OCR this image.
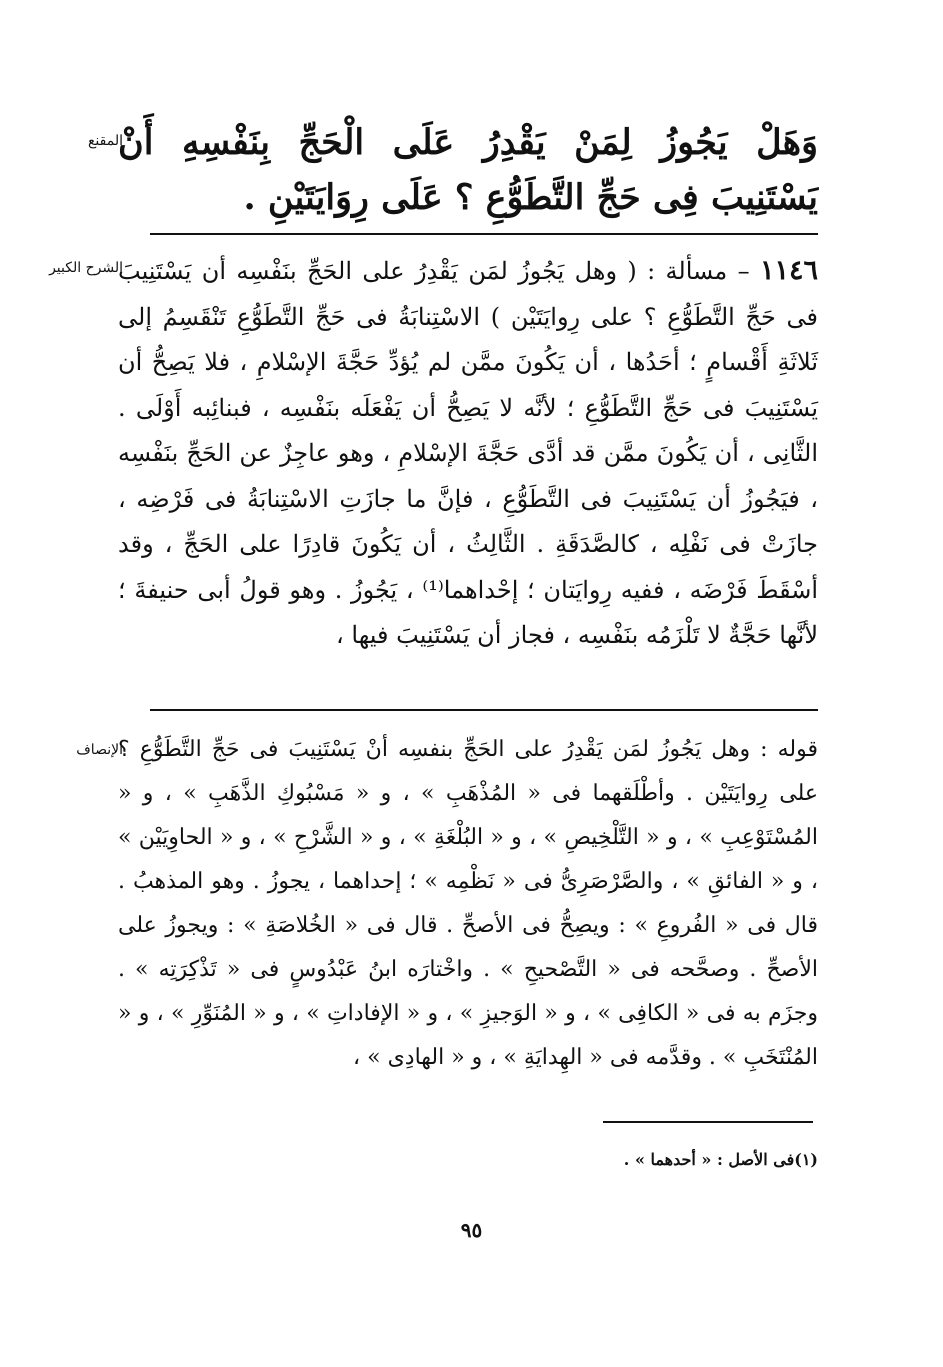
المقنع
وَهَلْ يَجُوزُ لِمَنْ يَقْدِرُ عَلَى الْحَجِّ بِنَفْسِهِ أَنْ يَسْتَنِيبَ فِى حَجِّ التَّطَوُّعِ ؟ عَلَى رِوَايَتَيْنِ .
الشرح الكبير	١١٤٦ – مسألة : ( وهل يَجُوزُ لمَن يَقْدِرُ على الحَجِّ بنَفْسِه أن يَسْتَنِيبَ فى حَجِّ التَّطَوُّعِ ؟ على رِوايَتَيْن ) الاسْتِنابَةُ فى حَجِّ التَّطَوُّعِ تَنْقَسِمُ إلى ثَلاثَةِ أَقْسامٍ ؛ أحَدُها ، أن يَكُونَ ممَّن لم يُؤدِّ حَجَّةَ الإسْلامِ ، فلا يَصِحُّ أن يَسْتَنِيبَ فى حَجِّ التَّطَوُّعِ ؛ لأنَّه لا يَصِحُّ أن يَفْعَلَه بنَفْسِه ، فبنائِبه أَوْلَى . الثَّانِى ، أن يَكُونَ ممَّن قد أدَّى حَجَّةَ الإسْلامِ ، وهو عاجِزٌ عن الحَجِّ بنَفْسِه ، فيَجُوزُ أن يَسْتَنِيبَ فى التَّطَوُّعِ ، فإنَّ ما جازَتِ الاسْتِنابَةُ فى فَرْضِه ، جازَتْ فى نَفْلِه ، كالصَّدَقَةِ . الثَّالِثُ ، أن يَكُونَ قادِرًا على الحَجِّ ، وقد أسْقَطَ فَرْضَه ، ففيه رِوايَتان ؛ إحْداهما⁽¹⁾ ، يَجُوزُ . وهو قولُ أبى حنيفةَ ؛ لأنَّها حَجَّةٌ لا تَلْزَمُه بنَفْسِه ، فجاز أن يَسْتَنِيبَ فيها ،
الإنصاف
قوله : وهل يَجُوزُ لمَن يَقْدِرُ على الحَجِّ بنفسِه أنْ يَسْتَنِيبَ فى حَجِّ التَّطَوُّعِ ؟ على رِوايَتَيْن . وأطْلَقهما فى « المُذْهَبِ » ، و « مَسْبُوكِ الذَّهَبِ » ، و « المُسْتَوْعِبِ » ، و « التَّلْخِيصِ » ، و « البُلْغَةِ » ، و « الشَّرْحِ » ، و « الحاوِيَيْن » ، و « الفائقِ » ، والصَّرْصَرِىُّ فى « نَظْمِه » ؛ إحداهما ، يجوزُ . وهو المذهبُ . قال فى « الفُروعِ » : ويصِحُّ فى الأصحِّ . قال فى « الخُلاصَةِ » : ويجوزُ على الأصحِّ . وصحَّحه فى « التَّصْحيحِ » . واخْتارَه ابنُ عَبْدُوسٍ فى « تَذْكِرَتِه » . وجزَم به فى « الكافِى » ، و « الوَجيزِ » ، و « الإفاداتِ » ، و « المُنَوِّرِ » ، و « المُنْتَخَبِ » . وقدَّمه فى « الهِدايَةِ » ، و « الهادِى » ،
(١)فى الأصل : « أحدهما » .
٩٥
